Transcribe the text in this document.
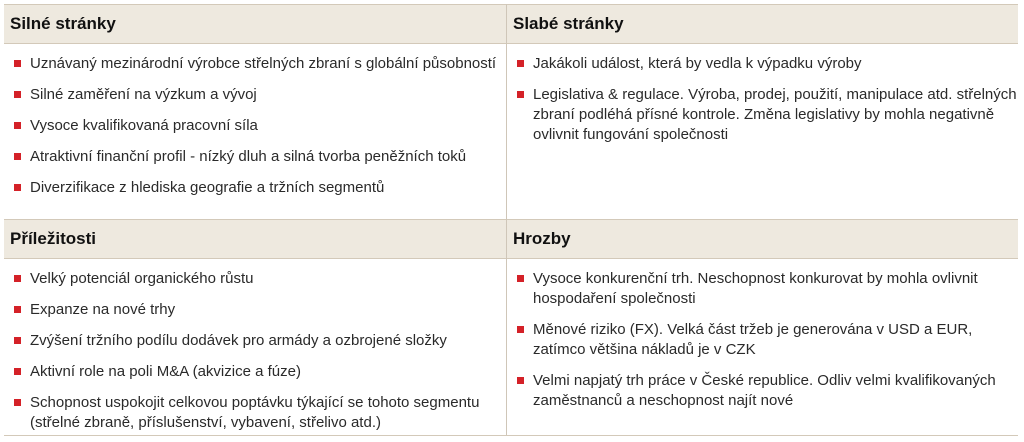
Silné stránky
Uznávaný mezinárodní výrobce střelných zbraní s globální působností
Silné zaměření na výzkum a vývoj
Vysoce kvalifikovaná pracovní síla
Atraktivní finanční profil - nízký dluh a silná tvorba peněžních toků
Diverzifikace z hlediska geografie a tržních segmentů
Slabé stránky
Jakákoli událost, která by vedla k výpadku výroby
Legislativa & regulace. Výroba, prodej, použití, manipulace atd. střelných zbraní podléhá přísné kontrole. Změna legislativy by mohla negativně ovlivnit fungování společnosti
Příležitosti
Velký potenciál organického růstu
Expanze na nové trhy
Zvýšení tržního podílu dodávek pro armády a ozbrojené složky
Aktivní role na poli M&A (akvizice a fúze)
Schopnost uspokojit celkovou poptávku týkající se tohoto segmentu (střelné zbraně, příslušenství, vybavení, střelivo atd.)
Hrozby
Vysoce konkurenční trh. Neschopnost konkurovat by mohla ovlivnit hospodaření společnosti
Měnové riziko (FX). Velká část tržeb je generována v USD a EUR, zatímco většina nákladů je v CZK
Velmi napjatý trh práce v České republice. Odliv velmi kvalifikovaných zaměstnanců a neschopnost najít nové
